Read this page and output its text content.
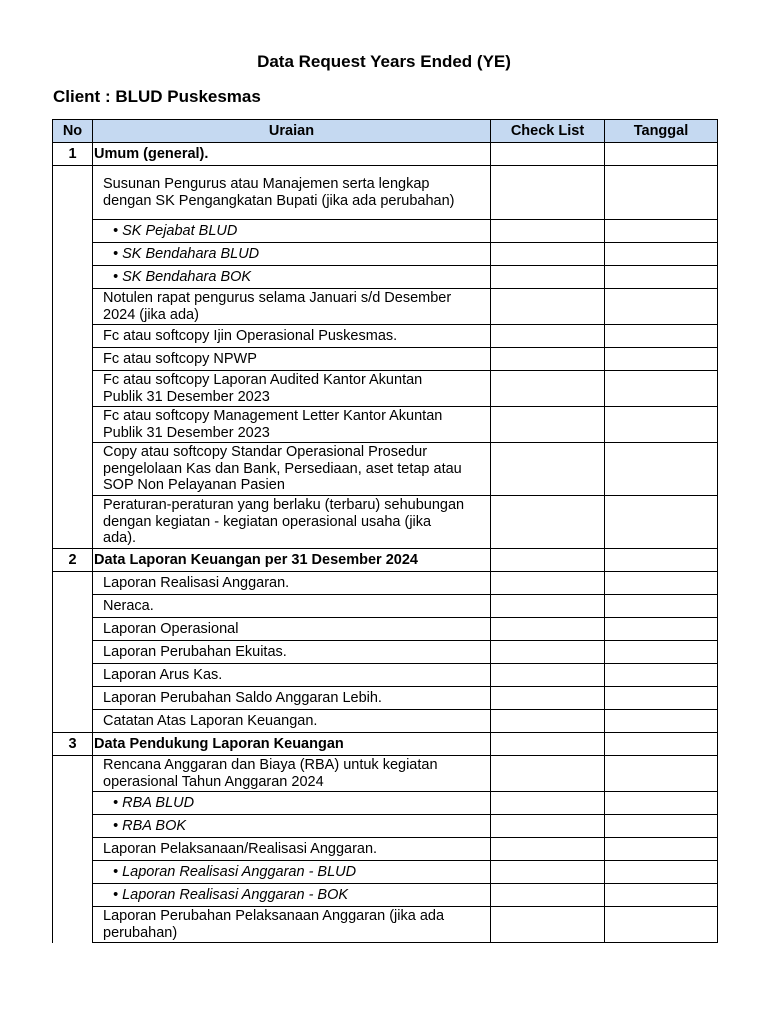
Data Request Years Ended (YE)
Client : BLUD Puskesmas
No	Uraian	Check List	Tanggal
1	Umum (general).		

	Susunan Pengurus atau Manajemen serta lengkap
dengan SK Pengangkatan Bupati (jika ada perubahan)		

	• SK Pejabat BLUD		
	• SK Bendahara BLUD		
	• SK Bendahara BOK		

	Notulen rapat pengurus selama Januari s/d Desember
2024 (jika ada)		

	Fc atau softcopy Ijin Operasional Puskesmas.		
	Fc atau softcopy NPWP		

	Fc atau softcopy Laporan Audited Kantor Akuntan
Publik 31 Desember 2023		

	Fc atau softcopy Management Letter Kantor Akuntan
Publik 31 Desember 2023		

	Copy atau softcopy Standar Operasional Prosedur
pengelolaan Kas dan Bank, Persediaan, aset tetap atau
SOP Non Pelayanan Pasien		

	Peraturan-peraturan yang berlaku (terbaru) sehubungan
dengan kegiatan - kegiatan operasional usaha (jika
ada).		

2	Data Laporan Keuangan per 31 Desember 2024		
	Laporan Realisasi Anggaran.		
	Neraca.		
	Laporan Operasional		
	Laporan Perubahan Ekuitas.		
	Laporan Arus Kas.		
	Laporan Perubahan Saldo Anggaran Lebih.		
	Catatan Atas Laporan Keuangan.		
3	Data Pendukung Laporan Keuangan		

	Rencana Anggaran dan Biaya (RBA) untuk kegiatan
operasional Tahun Anggaran 2024		

	• RBA BLUD		
	• RBA BOK		
	Laporan Pelaksanaan/Realisasi Anggaran.		
	• Laporan Realisasi Anggaran - BLUD		
	• Laporan Realisasi Anggaran - BOK		

	Laporan Perubahan Pelaksanaan Anggaran (jika ada
perubahan)		
